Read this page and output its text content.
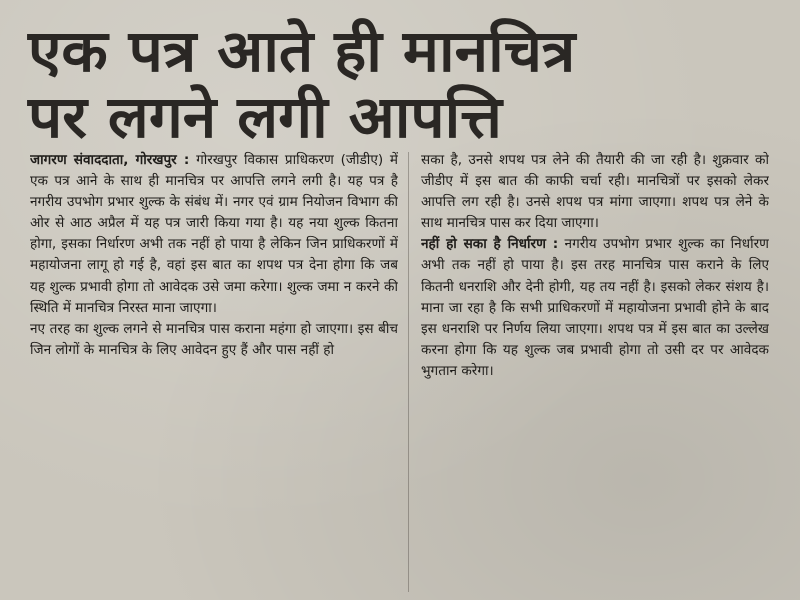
एक पत्र आते ही मानचित्र
पर लगने लगी आपत्ति

जागरण संवाददाता, गोरखपुर : गोरखपुर विकास प्राधिकरण (जीडीए) में एक पत्र आने के साथ ही मानचित्र पर आपत्ति लगने लगी है। यह पत्र है नगरीय उपभोग प्रभार शुल्क के संबंध में। नगर एवं ग्राम नियोजन विभाग की ओर से आठ अप्रैल में यह पत्र जारी किया गया है। यह नया शुल्क कितना होगा, इसका निर्धारण अभी तक नहीं हो पाया है लेकिन जिन प्राधिकरणों में महायोजना लागू हो गई है, वहां इस बात का शपथ पत्र देना होगा कि जब यह शुल्क प्रभावी होगा तो आवेदक उसे जमा करेगा। शुल्क जमा न करने की स्थिति में मानचित्र निरस्त माना जाएगा।

नए तरह का शुल्क लगने से मानचित्र पास कराना महंगा हो जाएगा। इस बीच जिन लोगों के मानचित्र के लिए आवेदन हुए हैं और पास नहीं हो

सका है, उनसे शपथ पत्र लेने की तैयारी की जा रही है। शुक्रवार को जीडीए में इस बात की काफी चर्चा रही। मानचित्रों पर इसको लेकर आपत्ति लग रही है। उनसे शपथ पत्र मांगा जाएगा। शपथ पत्र लेने के साथ मानचित्र पास कर दिया जाएगा।

नहीं हो सका है निर्धारण : नगरीय उपभोग प्रभार शुल्क का निर्धारण अभी तक नहीं हो पाया है। इस तरह मानचित्र पास कराने के लिए कितनी धनराशि और देनी होगी, यह तय नहीं है। इसको लेकर संशय है। माना जा रहा है कि सभी प्राधिकरणों में महायोजना प्रभावी होने के बाद इस धनराशि पर निर्णय लिया जाएगा। शपथ पत्र में इस बात का उल्लेख करना होगा कि यह शुल्क जब प्रभावी होगा तो उसी दर पर आवेदक भुगतान करेगा।
